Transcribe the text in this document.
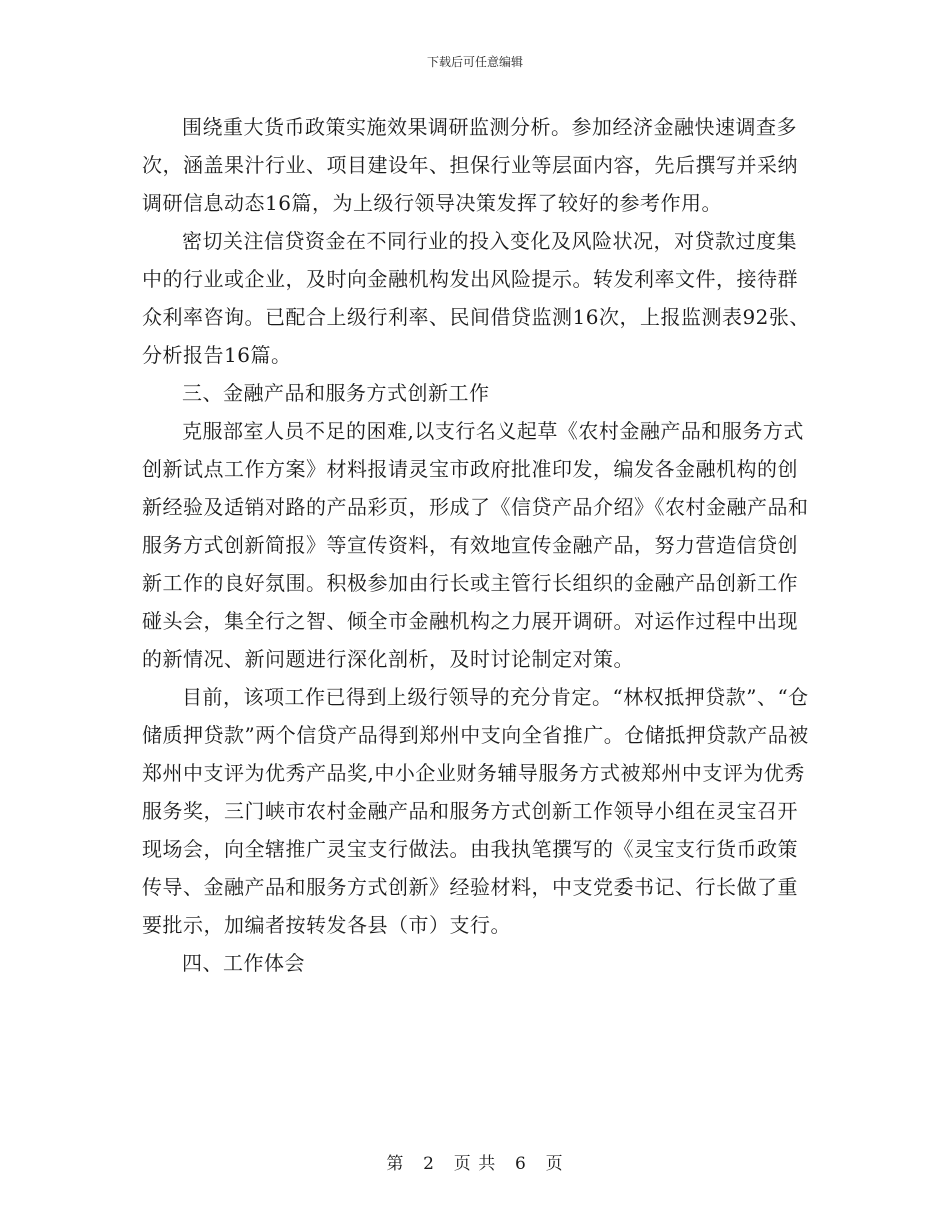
下载后可任意编辑

围绕重大货币政策实施效果调研监测分析。参加经济金融快速调查多次，涵盖果汁行业、项目建设年、担保行业等层面内容，先后撰写并采纳调研信息动态16篇，为上级行领导决策发挥了较好的参考作用。

密切关注信贷资金在不同行业的投入变化及风险状况，对贷款过度集中的行业或企业，及时向金融机构发出风险提示。转发利率文件，接待群众利率咨询。已配合上级行利率、民间借贷监测16次，上报监测表92张、分析报告16篇。

三、金融产品和服务方式创新工作

克服部室人员不足的困难,以支行名义起草《农村金融产品和服务方式创新试点工作方案》材料报请灵宝市政府批准印发，编发各金融机构的创新经验及适销对路的产品彩页，形成了《信贷产品介绍》《农村金融产品和服务方式创新简报》等宣传资料，有效地宣传金融产品，努力营造信贷创新工作的良好氛围。积极参加由行长或主管行长组织的金融产品创新工作碰头会，集全行之智、倾全市金融机构之力展开调研。对运作过程中出现的新情况、新问题进行深化剖析，及时讨论制定对策。

目前，该项工作已得到上级行领导的充分肯定。“林权抵押贷款”、“仓储质押贷款”两个信贷产品得到郑州中支向全省推广。仓储抵押贷款产品被郑州中支评为优秀产品奖,中小企业财务辅导服务方式被郑州中支评为优秀服务奖，三门峡市农村金融产品和服务方式创新工作领导小组在灵宝召开现场会，向全辖推广灵宝支行做法。由我执笔撰写的《灵宝支行货币政策传导、金融产品和服务方式创新》经验材料，中支党委书记、行长做了重要批示，加编者按转发各县（市）支行。

四、工作体会

第 2 页 共 6 页
